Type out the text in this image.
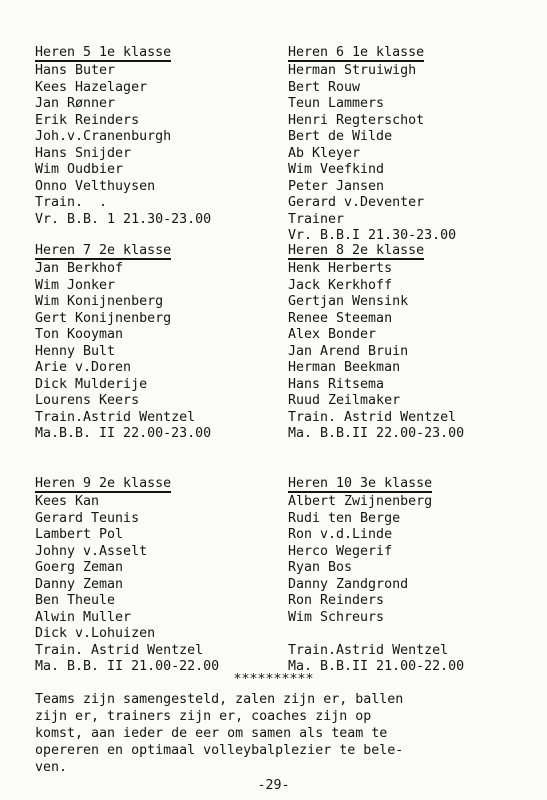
Heren 5 1e klasse
Hans Buter
Kees Hazelager
Jan Rønner
Erik Reinders
Joh.v.Cranenburgh
Hans Snijder
Wim Oudbier
Onno Velthuysen
Train.  .
Vr. B.B. 1 21.30-23.00
Heren 6 1e klasse
Herman Struiwigh
Bert Rouw
Teun Lammers
Henri Regterschot
Bert de Wilde
Ab Kleyer
Wim Veefkind
Peter Jansen
Gerard v.Deventer
Trainer
Vr. B.B.I 21.30-23.00
Heren 7 2e klasse
Jan Berkhof
Wim Jonker
Wim Konijnenberg
Gert Konijnenberg
Ton Kooyman
Henny Bult
Arie v.Doren
Dick Mulderije
Lourens Keers
Train.Astrid Wentzel
Ma.B.B. II 22.00-23.00
Heren 8 2e klasse
Henk Herberts
Jack Kerkhoff
Gertjan Wensink
Renee Steeman
Alex Bonder
Jan Arend Bruin
Herman Beekman
Hans Ritsema
Ruud Zeilmaker
Train. Astrid Wentzel
Ma. B.B.II 22.00-23.00
Heren 9 2e klasse
Kees Kan
Gerard Teunis
Lambert Pol
Johny v.Asselt
Goerg Zeman
Danny Zeman
Ben Theule
Alwin Muller
Dick v.Lohuizen
Train. Astrid Wentzel
Ma. B.B. II 21.00-22.00
Heren 10 3e klasse
Albert Zwijnenberg
Rudi ten Berge
Ron v.d.Linde
Herco Wegerif
Ryan Bos
Danny Zandgrond
Ron Reinders
Wim Schreurs

Train.Astrid Wentzel
Ma. B.B.II 21.00-22.00
**********
Teams zijn samengesteld, zalen zijn er, ballen
zijn er, trainers zijn er, coaches zijn op
komst, aan ieder de eer om samen als team te
opereren en optimaal volleybalplezier te bele-
ven.
-29-
